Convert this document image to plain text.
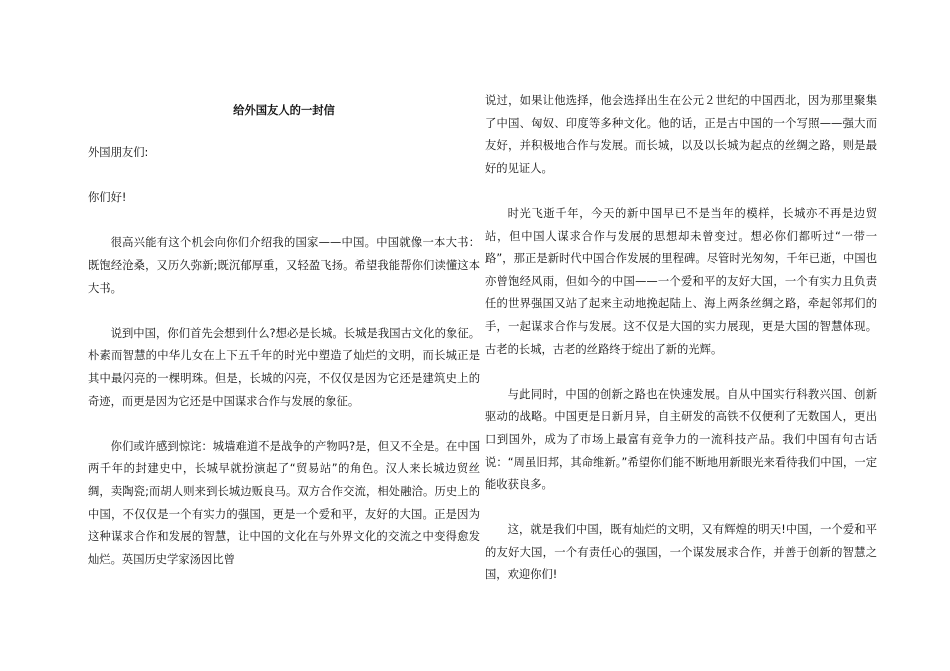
给外国友人的一封信

外国朋友们:

你们好!

很高兴能有这个机会向你们介绍我的国家——中国。中国就像一本大书：既饱经沧桑，又历久弥新;既沉郁厚重，又轻盈飞扬。希望我能帮你们读懂这本大书。

说到中国，你们首先会想到什么?想必是长城。长城是我国古文化的象征。朴素而智慧的中华儿女在上下五千年的时光中塑造了灿烂的文明，而长城正是其中最闪亮的一棵明珠。但是，长城的闪亮，不仅仅是因为它还是建筑史上的奇迹，而更是因为它还是中国谋求合作与发展的象征。

你们或许感到惊诧：城墙难道不是战争的产物吗?是，但又不全是。在中国两千年的封建史中，长城早就扮演起了“贸易站”的角色。汉人来长城边贸丝绸，卖陶瓷;而胡人则来到长城边贩良马。双方合作交流，相处融洽。历史上的中国，不仅仅是一个有实力的强国，更是一个爱和平，友好的大国。正是因为这种谋求合作和发展的智慧，让中国的文化在与外界文化的交流之中变得愈发灿烂。英国历史学家汤因比曾

说过，如果让他选择，他会选择出生在公元２世纪的中国西北，因为那里聚集了中国、匈奴、印度等多种文化。他的话，正是古中国的一个写照——强大而友好，并积极地合作与发展。而长城，以及以长城为起点的丝绸之路，则是最好的见证人。

时光飞逝千年，今天的新中国早已不是当年的模样，长城亦不再是边贸站，但中国人谋求合作与发展的思想却未曾变过。想必你们都听过“一带一路”，那正是新时代中国合作发展的里程碑。尽管时光匆匆，千年已逝，中国也亦曾饱经风雨，但如今的中国——一个爱和平的友好大国，一个有实力且负责任的世界强国又站了起来主动地挽起陆上、海上两条丝绸之路，牵起邻邦们的手，一起谋求合作与发展。这不仅是大国的实力展现，更是大国的智慧体现。古老的长城，古老的丝路终于绽出了新的光辉。

与此同时，中国的创新之路也在快速发展。自从中国实行科教兴国、创新驱动的战略。中国更是日新月异，自主研发的高铁不仅便利了无数国人，更出口到国外，成为了市场上最富有竞争力的一流科技产品。我们中国有句古话说：“周虽旧邦，其命维新。”希望你们能不断地用新眼光来看待我们中国，一定能收获良多。

这，就是我们中国，既有灿烂的文明，又有辉煌的明天!中国，一个爱和平的友好大国，一个有责任心的强国，一个谋发展求合作，并善于创新的智慧之国，欢迎你们!
